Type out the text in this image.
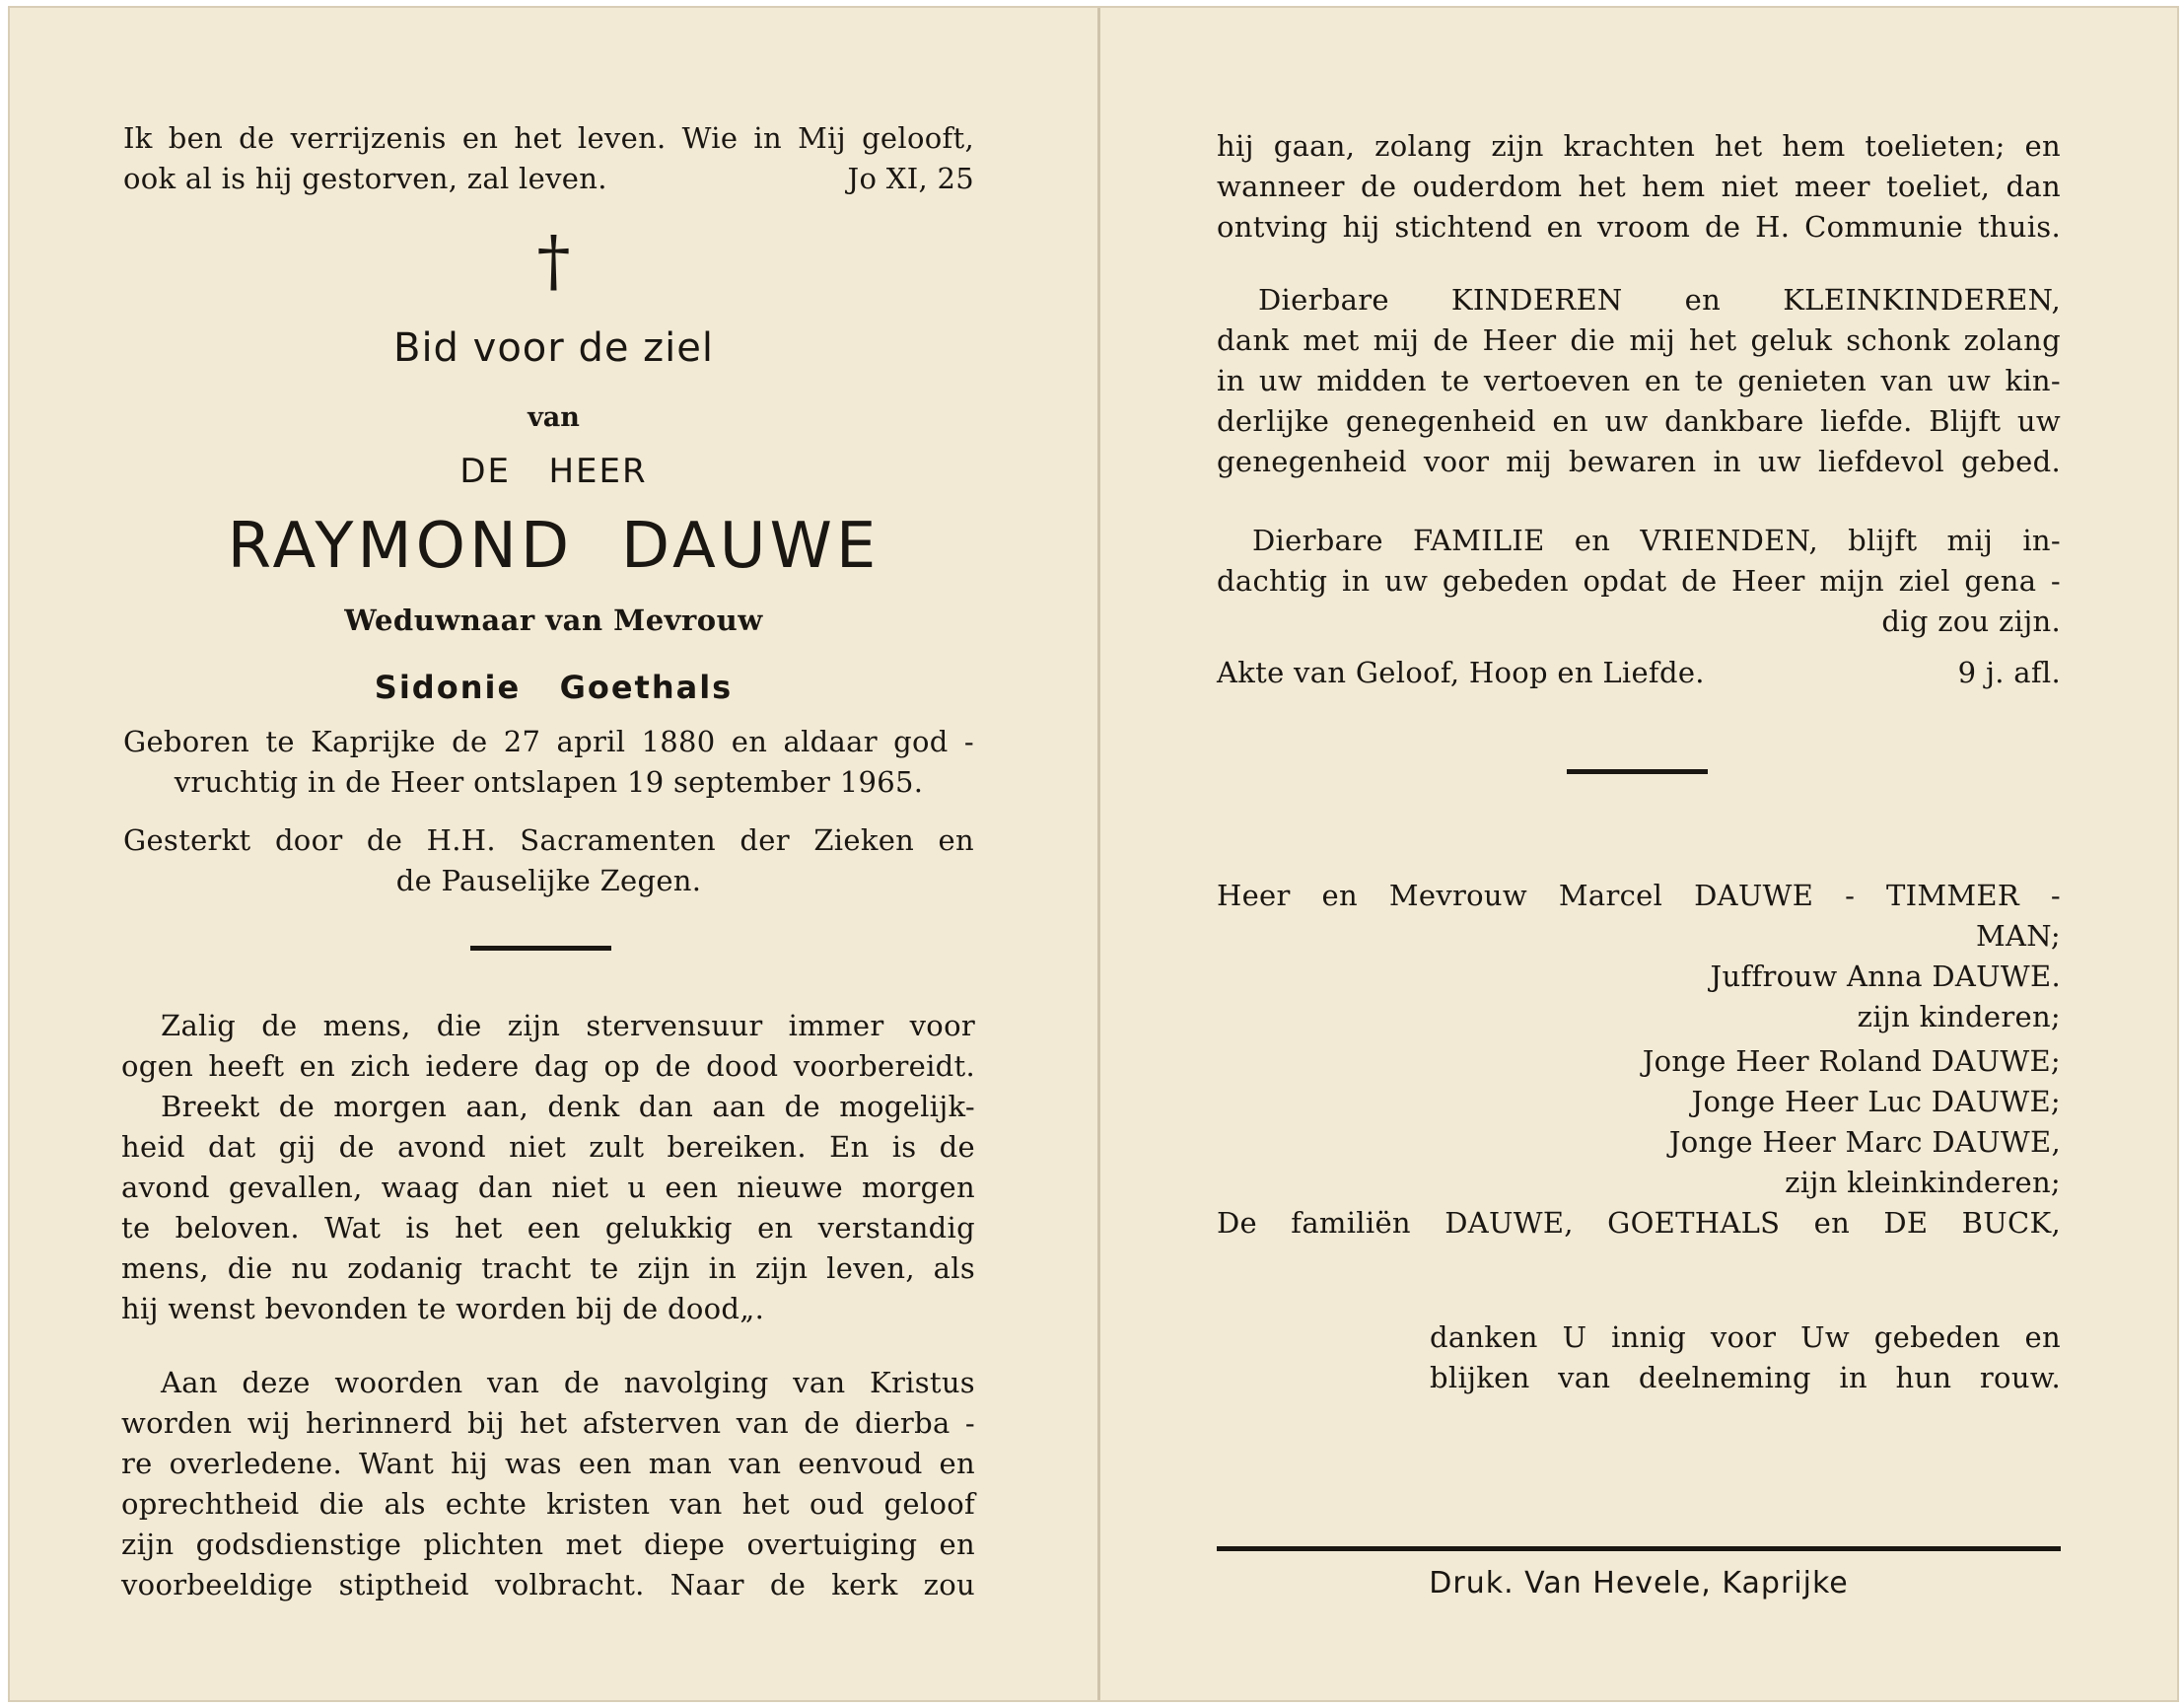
Ik ben de verrijzenis en het leven. Wie in Mij gelooft,
ook al is hij gestorven, zal leven.	Jo XI, 25
†
Bid voor de ziel
van
DE   HEER
RAYMOND  DAUWE
Weduwnaar van Mevrouw
Sidonie   Goethals
Geboren te Kaprijke de 27 april 1880 en aldaar god -
vruchtig in de Heer ontslapen 19 september 1965.
Gesterkt door de H.H. Sacramenten der Zieken en
de Pauselijke Zegen.
Zalig de mens, die zijn stervensuur immer voor
ogen heeft en zich iedere dag op de dood voorbereidt.
Breekt de morgen aan, denk dan aan de mogelijk-
heid dat gij de avond niet zult bereiken. En is de
avond gevallen, waag dan niet u een nieuwe morgen
te beloven. Wat is het een gelukkig en verstandig
mens, die nu zodanig tracht te zijn in zijn leven, als
hij wenst bevonden te worden bij de dood„.
Aan deze woorden van de navolging van Kristus
worden wij herinnerd bij het afsterven van de dierba -
re overledene. Want hij was een man van eenvoud en
oprechtheid die als echte kristen van het oud geloof
zijn godsdienstige plichten met diepe overtuiging en
voorbeeldige stiptheid volbracht. Naar de kerk zou
hij gaan, zolang zijn krachten het hem toelieten; en
wanneer de ouderdom het hem niet meer toeliet, dan
ontving hij stichtend en vroom de H. Communie thuis.
Dierbare KINDEREN en KLEINKINDEREN,
dank met mij de Heer die mij het geluk schonk zolang
in uw midden te vertoeven en te genieten van uw kin-
derlijke genegenheid en uw dankbare liefde. Blijft uw
genegenheid voor mij bewaren in uw liefdevol gebed.
Dierbare FAMILIE en VRIENDEN, blijft mij in-
dachtig in uw gebeden opdat de Heer mijn ziel gena -
dig zou zijn.
Akte van Geloof, Hoop en Liefde.	9 j. afl.
Heer en Mevrouw Marcel DAUWE - TIMMER -
MAN;
Juffrouw Anna DAUWE.
zijn kinderen;
Jonge Heer Roland DAUWE;
Jonge Heer Luc DAUWE;
Jonge Heer Marc DAUWE,
zijn kleinkinderen;
De familiën DAUWE, GOETHALS en DE BUCK,
danken U innig voor Uw gebeden en
blijken van deelneming in hun rouw.
Druk. Van Hevele, Kaprijke
